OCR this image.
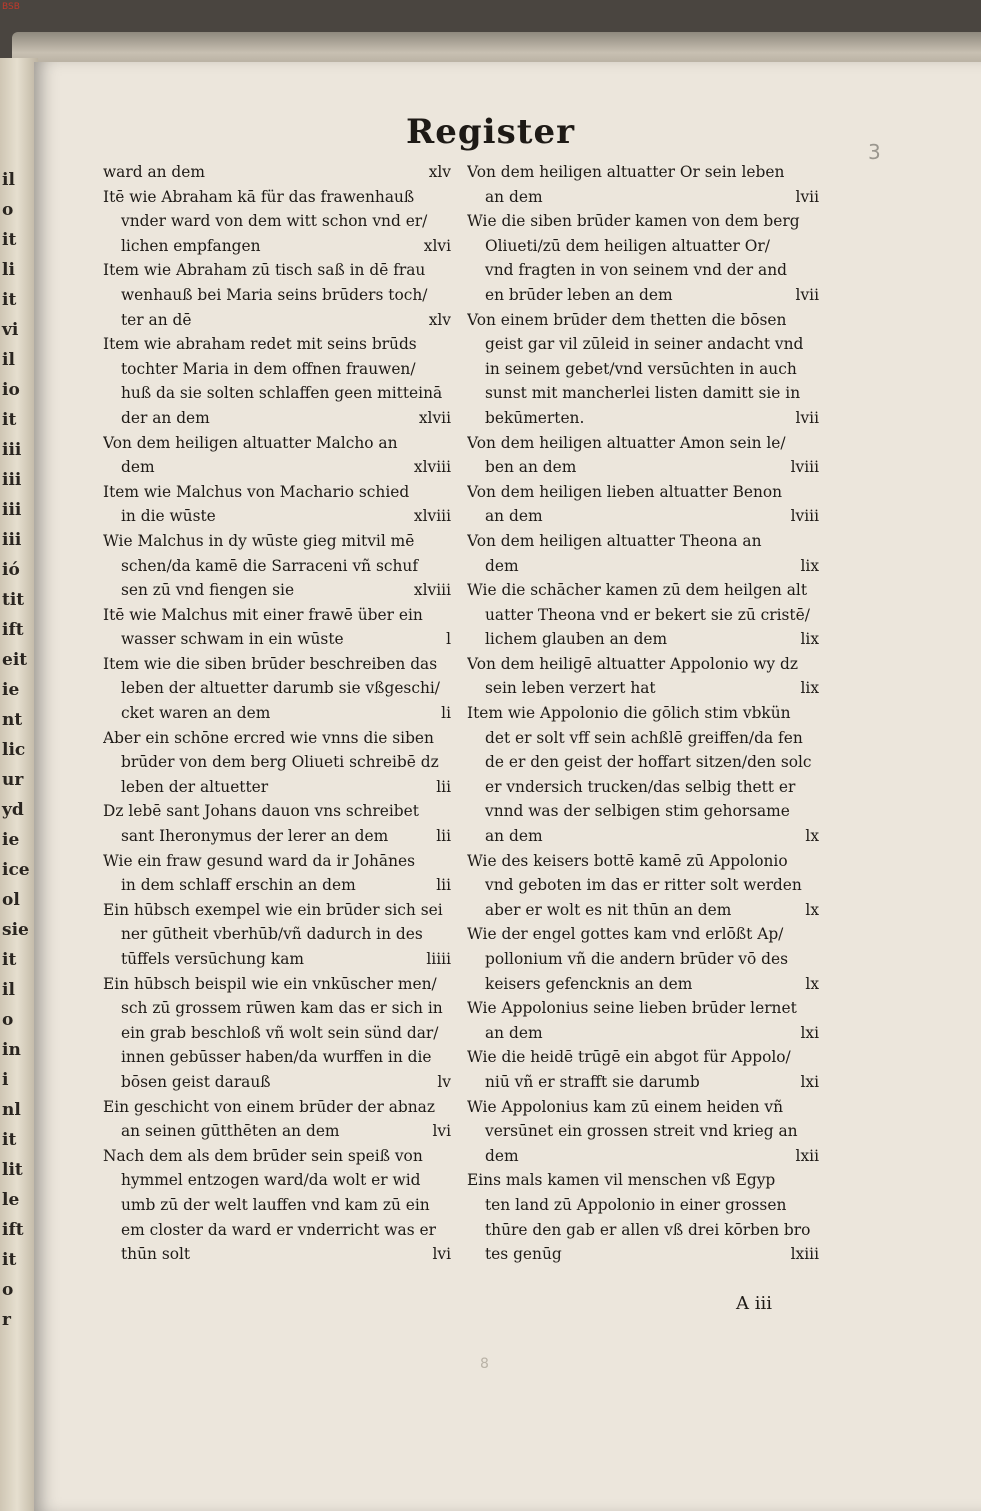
il
o
it
li
it
vi
il
io
it
iii
iii
iii
iii
ió
tit
ift
eit
ie
nt
lic
ur
yd
ie
ice
ol
sie
it
il
o
in
i
nl
it
lit
le
ift
it
o
r
BSB
Register	3
ward an dem	xlv
Itē wie Abraham kā für das frawenhauß
vnder ward von dem witt schon vnd er/
lichen empfangen	xlvi
Item wie Abraham zū tisch saß in dē frau
wenhauß bei Maria seins brūders toch/
ter an dē	xlv
Item wie abraham redet mit seins brūds
tochter Maria in dem offnen frauwen/
huß da sie solten schlaffen geen mitteinā
der an dem	xlvii
Von dem heiligen altuatter Malcho an
dem	xlviii
Item wie Malchus von Machario schied
in die wūste	xlviii
Wie Malchus in dy wūste gieg mitvil mē
schen/da kamē die Sarraceni vñ schuf
sen zū vnd fiengen sie	xlviii
Itē wie Malchus mit einer frawē über ein
wasser schwam in ein wūste	l
Item wie die siben brūder beschreiben das
leben der altuetter darumb sie vßgeschi/
cket waren an dem	li
Aber ein schōne ercred wie vnns die siben
brūder von dem berg Oliueti schreibē dz
leben der altuetter	lii
Dz lebē sant Johans dauon vns schreibet
sant Iheronymus der lerer an dem	lii
Wie ein fraw gesund ward da ir Johānes
in dem schlaff erschin an dem	lii
Ein hūbsch exempel wie ein brūder sich sei
ner gūtheit vberhūb/vñ dadurch in des
tūffels versūchung kam	liiii
Ein hūbsch beispil wie ein vnkūscher men/
sch zū grossem rūwen kam das er sich in
ein grab beschloß vñ wolt sein sünd dar/
innen gebūsser haben/da wurffen in die
bōsen geist darauß	lv
Ein geschicht von einem brūder der abnaz
an seinen gūtthēten an dem	lvi
Nach dem als dem brūder sein speiß von
hymmel entzogen ward/da wolt er wid
umb zū der welt lauffen vnd kam zū ein
em closter da ward er vnderricht was er
thūn solt	lvi
Von dem heiligen altuatter Or sein leben
an dem	lvii
Wie die siben brūder kamen von dem berg
Oliueti/zū dem heiligen altuatter Or/
vnd fragten in von seinem vnd der and
en brūder leben an dem	lvii
Von einem brūder dem thetten die bōsen
geist gar vil zūleid in seiner andacht vnd
in seinem gebet/vnd versūchten in auch
sunst mit mancherlei listen damitt sie in
bekūmerten.	lvii
Von dem heiligen altuatter Amon sein le/
ben an dem	lviii
Von dem heiligen lieben altuatter Benon
an dem	lviii
Von dem heiligen altuatter Theona an
dem	lix
Wie die schācher kamen zū dem heilgen alt
uatter Theona vnd er bekert sie zū cristē/
lichem glauben an dem	lix
Von dem heiligē altuatter Appolonio wy dz
sein leben verzert hat	lix
Item wie Appolonio die gōlich stim vbkün
det er solt vff sein achßlē greiffen/da fen
de er den geist der hoffart sitzen/den solc
er vndersich trucken/das selbig thett er
vnnd was der selbigen stim gehorsame
an dem	lx
Wie des keisers bottē kamē zū Appolonio
vnd geboten im das er ritter solt werden
aber er wolt es nit thūn an dem	lx
Wie der engel gottes kam vnd erlōßt Ap/
pollonium vñ die andern brūder vō des
keisers gefencknis an dem	lx
Wie Appolonius seine lieben brūder lernet
an dem	lxi
Wie die heidē trūgē ein abgot für Appolo/
niū vñ er strafft sie darumb	lxi
Wie Appolonius kam zū einem heiden vñ
versūnet ein grossen streit vnd krieg an
dem	lxii
Eins mals kamen vil menschen vß Egyp
ten land zū Appolonio in einer grossen
thūre den gab er allen vß drei kōrben bro
tes genūg	lxiii
A iii
8
